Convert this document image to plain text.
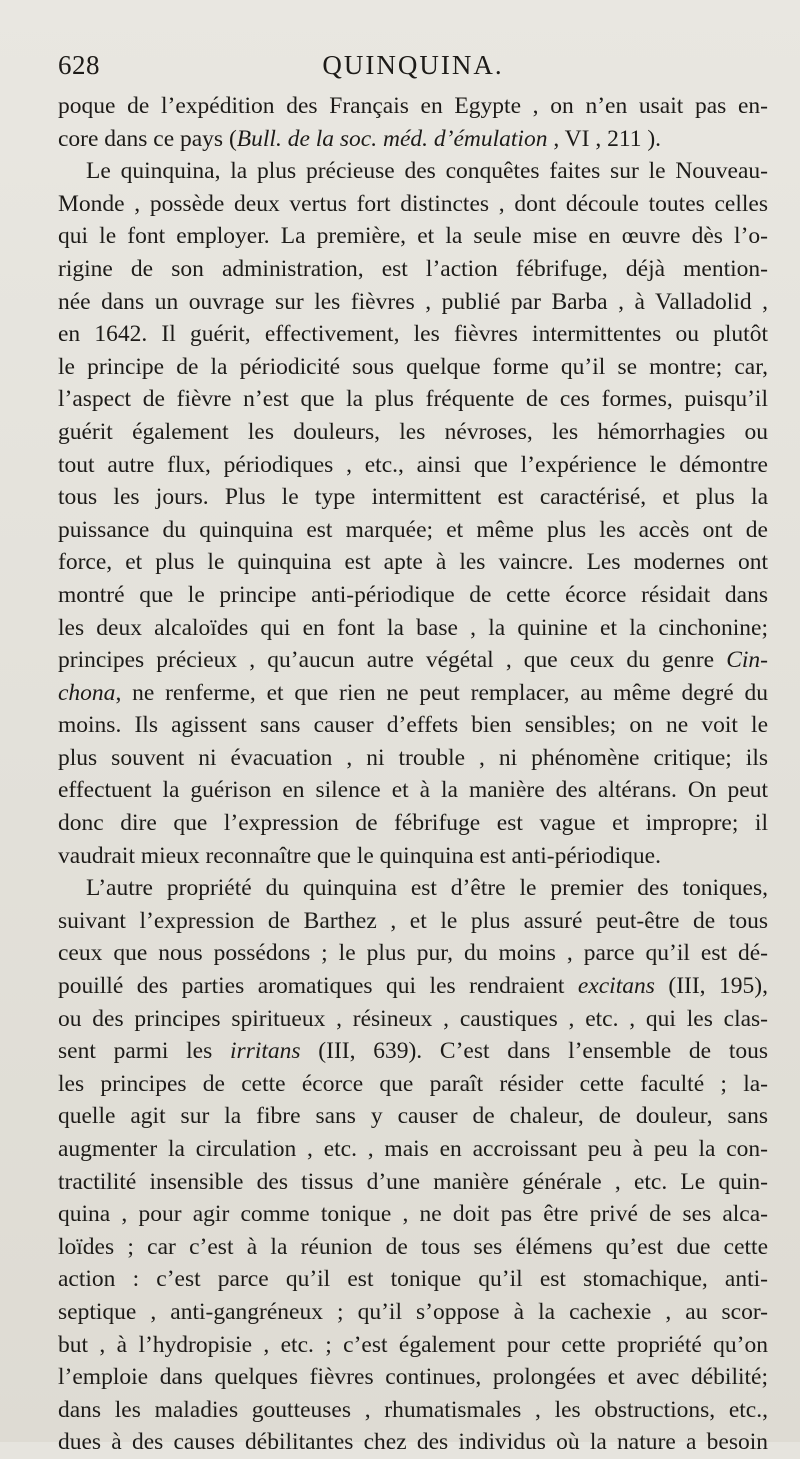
628	QUINQUINA.
poque de l’expédition des Français en Egypte , on n’en usait pas en-
core dans ce pays (Bull. de la soc. méd. d’émulation , VI , 211 ).
Le quinquina, la plus précieuse des conquêtes faites sur le Nouveau-
Monde , possède deux vertus fort distinctes , dont découle toutes celles
qui le font employer. La première, et la seule mise en œuvre dès l’o-
rigine de son administration, est l’action fébrifuge, déjà mention-
née dans un ouvrage sur les fièvres , publié par Barba , à Valladolid ,
en 1642. Il guérit, effectivement, les fièvres intermittentes ou plutôt
le principe de la périodicité sous quelque forme qu’il se montre; car,
l’aspect de fièvre n’est que la plus fréquente de ces formes, puisqu’il
guérit également les douleurs, les névroses, les hémorrhagies ou
tout autre flux, périodiques , etc., ainsi que l’expérience le démontre
tous les jours. Plus le type intermittent est caractérisé, et plus la
puissance du quinquina est marquée; et même plus les accès ont de
force, et plus le quinquina est apte à les vaincre. Les modernes ont
montré que le principe anti-périodique de cette écorce résidait dans
les deux alcaloïdes qui en font la base , la quinine et la cinchonine;
principes précieux , qu’aucun autre végétal , que ceux du genre Cin-
chona, ne renferme, et que rien ne peut remplacer, au même degré du
moins. Ils agissent sans causer d’effets bien sensibles; on ne voit le
plus souvent ni évacuation , ni trouble , ni phénomène critique; ils
effectuent la guérison en silence et à la manière des altérans. On peut
donc dire que l’expression de fébrifuge est vague et impropre; il
vaudrait mieux reconnaître que le quinquina est anti-périodique.
L’autre propriété du quinquina est d’être le premier des toniques,
suivant l’expression de Barthez , et le plus assuré peut-être de tous
ceux que nous possédons ; le plus pur, du moins , parce qu’il est dé-
pouillé des parties aromatiques qui les rendraient excitans (III, 195),
ou des principes spiritueux , résineux , caustiques , etc. , qui les clas-
sent parmi les irritans (III, 639). C’est dans l’ensemble de tous
les principes de cette écorce que paraît résider cette faculté ; la-
quelle agit sur la fibre sans y causer de chaleur, de douleur, sans
augmenter la circulation , etc. , mais en accroissant peu à peu la con-
tractilité insensible des tissus d’une manière générale , etc. Le quin-
quina , pour agir comme tonique , ne doit pas être privé de ses alca-
loïdes ; car c’est à la réunion de tous ses élémens qu’est due cette
action : c’est parce qu’il est tonique qu’il est stomachique, anti-
septique , anti-gangréneux ; qu’il s’oppose à la cachexie , au scor-
but , à l’hydropisie , etc. ; c’est également pour cette propriété qu’on
l’emploie dans quelques fièvres continues, prolongées et avec débilité;
dans les maladies goutteuses , rhumatismales , les obstructions, etc.,
dues à des causes débilitantes chez des individus où la nature a besoin
